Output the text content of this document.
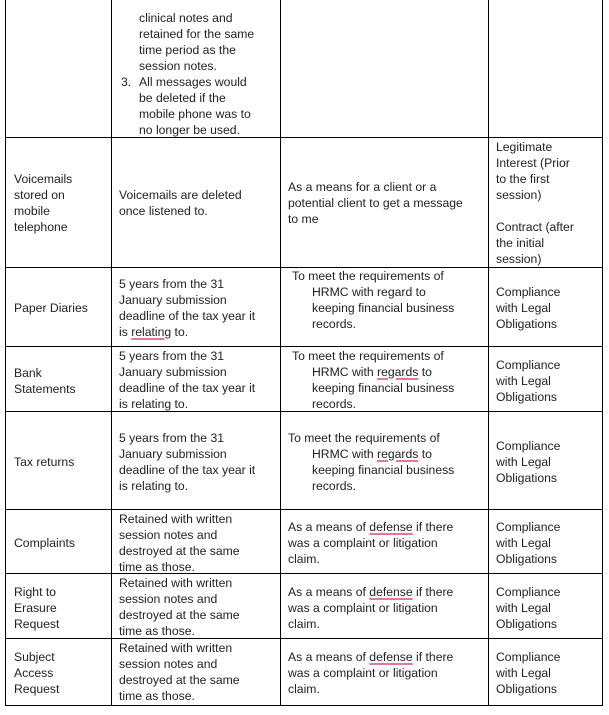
clinical notes and

retained for the same

time period as the

session notes.

3. All messages would

be deleted if the

mobile phone was to

no longer be used.

Voicemails

stored on

mobile

telephone

Voicemails are deleted

once listened to.

As a means for a client or a

potential client to get a message

to me

Legitimate

Interest (Prior

to the first

session)

Contract (after

the initial

session)

Paper Diaries

5 years from the 31

January submission

deadline of the tax year it

is relating to.

To meet the requirements of

HRMC with regard to

keeping financial business

records.

Compliance

with Legal

Obligations

Bank

Statements

5 years from the 31

January submission

deadline of the tax year it

is relating to.

To meet the requirements of

HRMC with regards to

keeping financial business

records.

Compliance

with Legal

Obligations

Tax returns

5 years from the 31

January submission

deadline of the tax year it

is relating to.

To meet the requirements of

HRMC with regards to

keeping financial business

records.

Compliance

with Legal

Obligations

Complaints

Retained with written

session notes and

destroyed at the same

time as those.

As a means of defense if there

was a complaint or litigation

claim.

Compliance

with Legal

Obligations

Right to

Erasure

Request

Retained with written

session notes and

destroyed at the same

time as those.

As a means of defense if there

was a complaint or litigation

claim.

Compliance

with Legal

Obligations

Subject

Access

Request

Retained with written

session notes and

destroyed at the same

time as those.

As a means of defense if there

was a complaint or litigation

claim.

Compliance

with Legal

Obligations
